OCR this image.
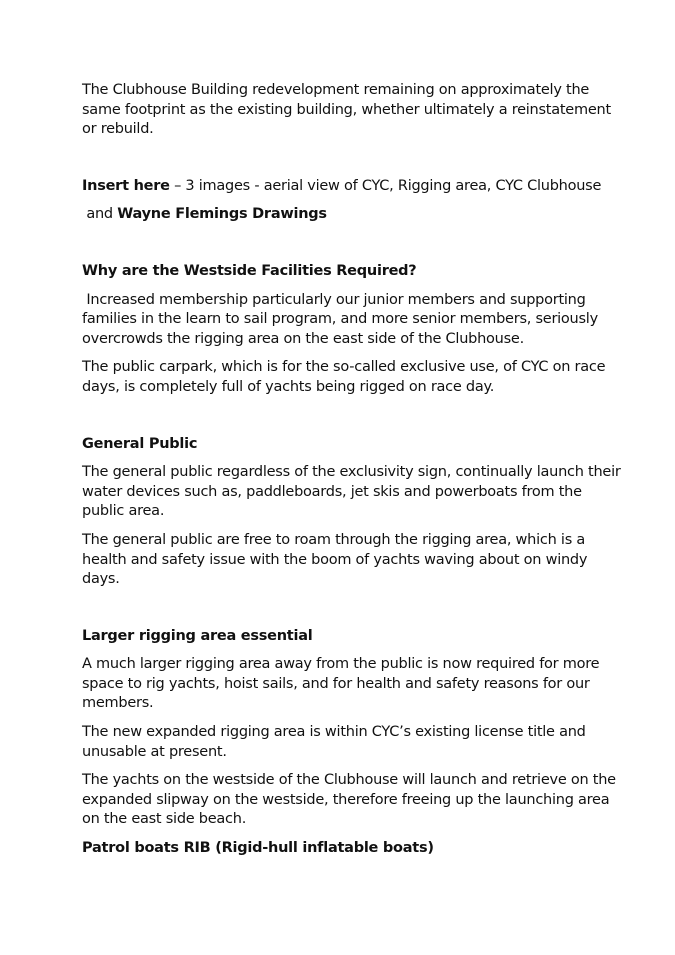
The Clubhouse Building redevelopment remaining on approximately the same footprint as the existing building, whether ultimately a reinstatement or rebuild.

Insert here – 3 images - aerial view of CYC, Rigging area, CYC Clubhouse

and Wayne Flemings Drawings

Why are the Westside Facilities Required?

Increased membership particularly our junior members and supporting families in the learn to sail program, and more senior members, seriously overcrowds the rigging area on the east side of the Clubhouse.

The public carpark, which is for the so-called exclusive use, of CYC on race days, is completely full of yachts being rigged on race day.

General Public

The general public regardless of the exclusivity sign, continually launch their water devices such as, paddleboards, jet skis and powerboats from the public area.

The general public are free to roam through the rigging area, which is a health and safety issue with the boom of yachts waving about on windy days.

Larger rigging area essential

A much larger rigging area away from the public is now required for more space to rig yachts, hoist sails, and for health and safety reasons for our members.

The new expanded rigging area is within CYC’s existing license title and unusable at present.

The yachts on the westside of the Clubhouse will launch and retrieve on the expanded slipway on the westside, therefore freeing up the launching area on the east side beach.

Patrol boats RIB (Rigid-hull inflatable boats)
